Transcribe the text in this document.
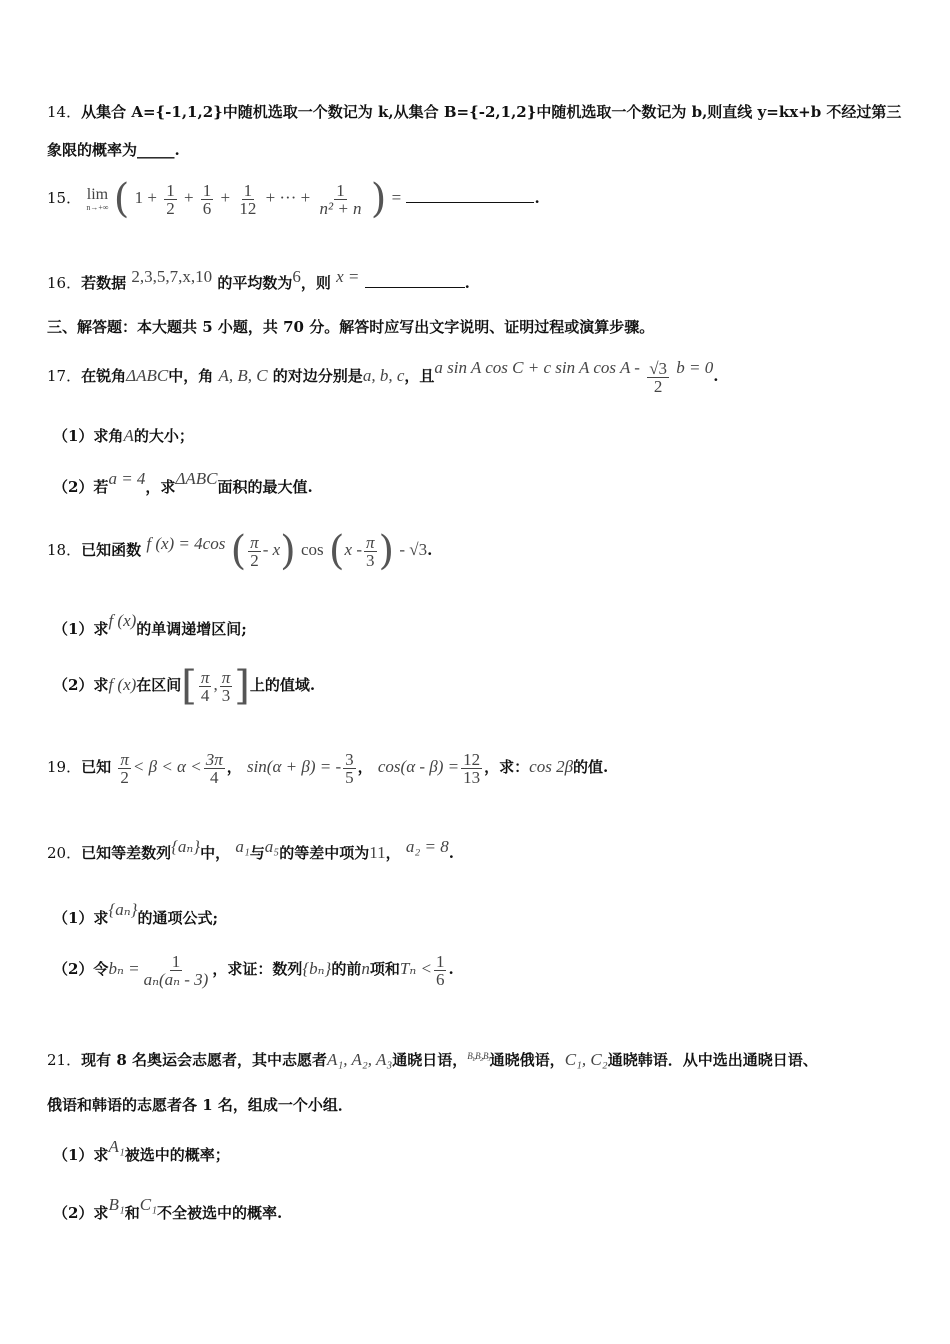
14．从集合 A={-1,1,2}中随机选取一个数记为 k,从集合 B={-2,1,2}中随机选取一个数记为 b,则直线 y=kx+b 不经过第三
象限的概率为_____.
15． lim
n→+∞ ( $1 + \frac{1}{2} + \frac{1}{6} + \frac{1}{12}$ + ··· + $\frac{1}{\text{n² + n}}$ ) =	.
16．若数据 2,3,5,7,x,10 的平均数为6，则 x =	.
三、解答题：本大题共 5 小题，共 70 分。解答时应写出文字说明、证明过程或演算步骤。
17．在锐角ΔABC中，角 A, B, C 的对边分别是a, b, c，且a sin A cos C + c sin A cos A - $\frac{√3}{2}$ b = 0.
（1）求角A的大小；
（2）若a = 4，求ΔABC面积的最大值.
18．已知函数 f (x) = 4cos ( $\frac{\pi}{2} - x$) $\cos (x - \frac{\pi}{3}$ ) - √3.
（1）求f (x)的单调递增区间;
（2）求f (x)在区间[ $\frac{\pi}{4}$ , $\frac{\pi}{3}$ ]上的值域.
19．已知 $\frac{\pi}{2} < \beta < \alpha < \frac{3\pi}{4}$ ， sin(α + β) = - $\frac{3}{5}$ ， $\cos(\alpha - \beta) = \frac{12}{13}$ ，求：cos 2β的值.
20．已知等差数列{aₙ}中， a₁与a₅的等差中项为11， a₂ = 8.
（1）求{aₙ}的通项公式;
（2）令$b_n = \frac{1}{\text{aₙ(aₙ - 3)}}$ ，求证：数列{bₙ}的前n项和$T_n < \frac{1}{6}$ .
21．现有 8 名奥运会志愿者，其中志愿者A₁, A₂, A₃通晓日语，$^{B_1,B_2,B_3}$通晓俄语，C₁, C₂通晓韩语．从中选出通晓日语、
俄语和韩语的志愿者各 1 名，组成一个小组．
（1）求A₁被选中的概率；
（2）求B₁和C₁不全被选中的概率.
